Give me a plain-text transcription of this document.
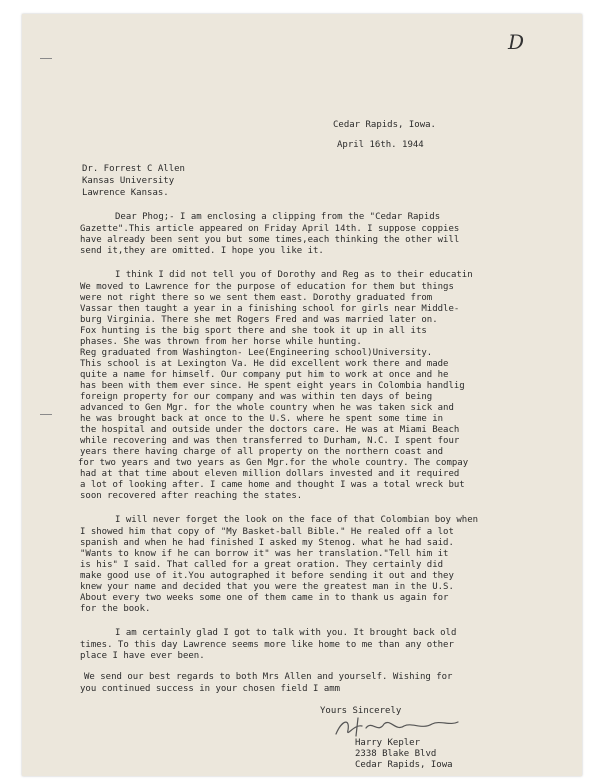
D

Cedar Rapids, Iowa.

April 16th. 1944

Dr. Forrest C Allen

Kansas University

Lawrence Kansas.

Dear Phog;- I am enclosing a clipping from the "Cedar Rapids

Gazette".This article appeared on Friday April 14th. I suppose coppies

have already been sent you but some times,each thinking the other will

send it,they are omitted. I hope you like it.

I think I did not tell you of Dorothy and Reg as to their educatin

We moved to Lawrence for the purpose of education for them but things

were not right there so we sent them east. Dorothy graduated from

Vassar then taught a year in a finishing school for girls near Middle-

burg Virginia. There she met Rogers Fred and was married later on.

Fox hunting is the big sport there and she took it up in all its

phases. She was thrown from her horse while hunting.

Reg graduated from Washington- Lee(Engineering school)University.

This school is at Lexington Va. He did excellent work there and made

quite a name for himself. Our company put him to work at once and he

has been with them ever since. He spent eight years in Colombia handlig

foreign property for our company and was within ten days of being

advanced to Gen Mgr. for the whole country when he was taken sick and

he was brought back at once to the U.S. where he spent some time in

the hospital and outside under the doctors care. He was at Miami Beach

while recovering and was then transferred to Durham, N.C. I spent four

years there having charge of all property on the northern coast and

for two years and two years as Gen Mgr.for the whole country. The compay

had at that time about eleven million dollars invested and it required

a lot of looking after. I came home and thought I was a total wreck but

soon recovered after reaching the states.

I will never forget the look on the face of that Colombian boy when

I showed him that copy of "My Basket-ball Bible." He realed off a lot

spanish and when he had finished I asked my Stenog. what he had said.

"Wants to know if he can borrow it" was her translation."Tell him it

is his" I said. That called for a great oration. They certainly did

make good use of it.You autographed it before sending it out and they

knew your name and decided that you were the greatest man in the U.S.

About every two weeks some one of them came in to thank us again for

for the book.

I am certainly glad I got to talk with you. It brought back old

times. To this day Lawrence seems more like home to me than any other

place I have ever been.

We send our best regards to both Mrs Allen and yourself. Wishing for

you continued success in your chosen field I amm

Yours Sincerely

Harry Kepler

2338 Blake Blvd

Cedar Rapids, Iowa
